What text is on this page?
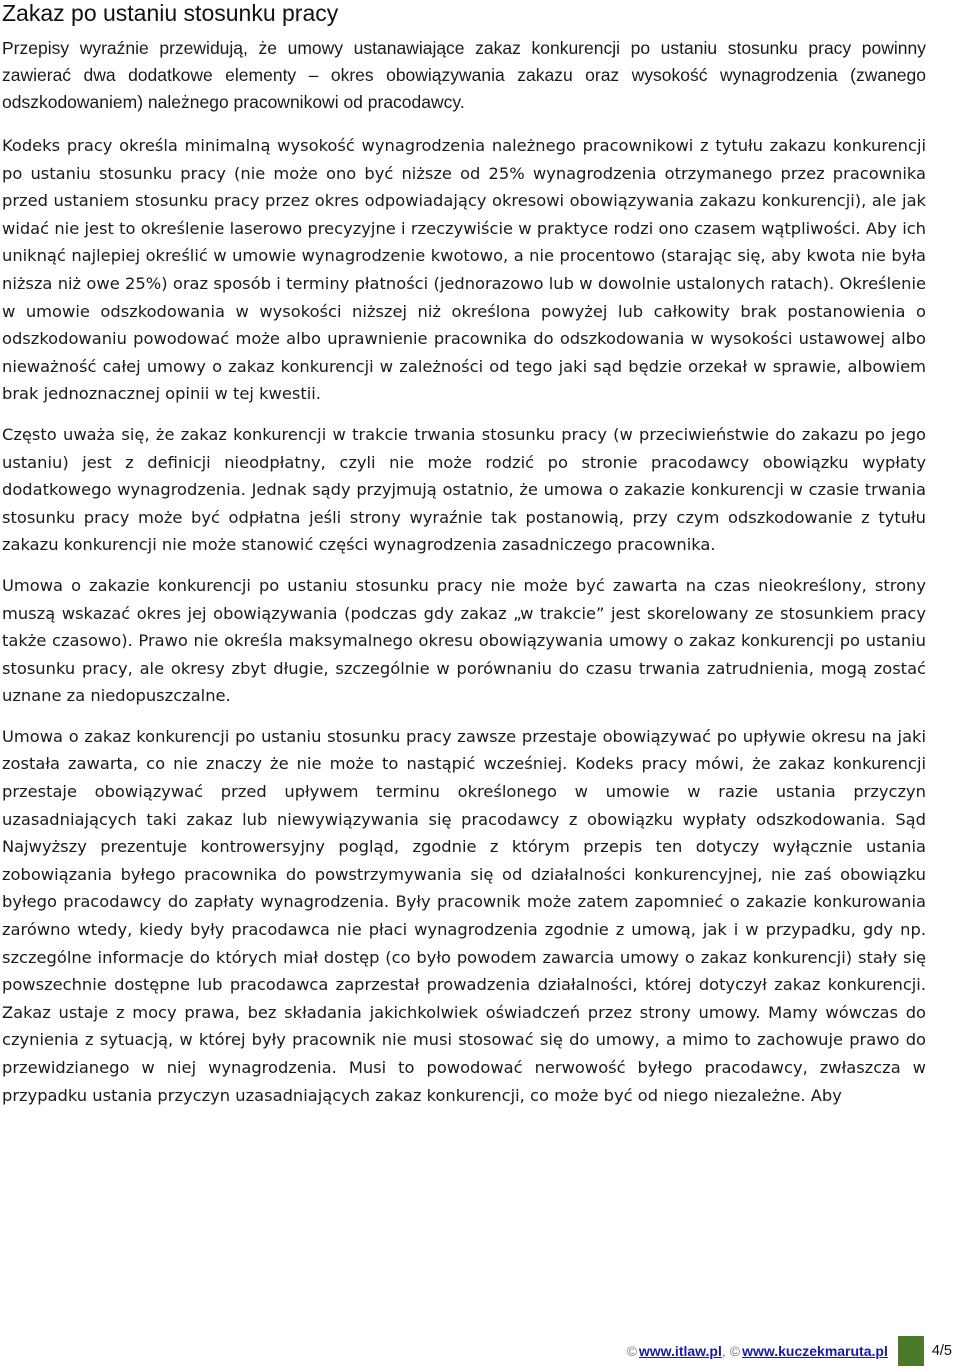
Zakaz po ustaniu stosunku pracy

Przepisy wyraźnie przewidują, że umowy ustanawiające zakaz konkurencji po ustaniu stosunku pracy powinny zawierać dwa dodatkowe elementy – okres obowiązywania zakazu oraz wysokość wynagrodzenia (zwanego odszkodowaniem) należnego pracownikowi od pracodawcy.

Kodeks pracy określa minimalną wysokość wynagrodzenia należnego pracownikowi z tytułu zakazu konkurencji po ustaniu stosunku pracy (nie może ono być niższe od 25% wynagrodzenia otrzymanego przez pracownika przed ustaniem stosunku pracy przez okres odpowiadający okresowi obowiązywania zakazu konkurencji), ale jak widać nie jest to określenie laserowo precyzyjne i rzeczywiście w praktyce rodzi ono czasem wątpliwości. Aby ich uniknąć najlepiej określić w umowie wynagrodzenie kwotowo, a nie procentowo (starając się, aby kwota nie była niższa niż owe 25%) oraz sposób i terminy płatności (jednorazowo lub w dowolnie ustalonych ratach). Określenie w umowie odszkodowania w wysokości niższej niż określona powyżej lub całkowity brak postanowienia o odszkodowaniu powodować może albo uprawnienie pracownika do odszkodowania w wysokości ustawowej albo nieważność całej umowy o zakaz konkurencji w zależności od tego jaki sąd będzie orzekał w sprawie, albowiem brak jednoznacznej opinii w tej kwestii.

Często uważa się, że zakaz konkurencji w trakcie trwania stosunku pracy (w przeciwieństwie do zakazu po jego ustaniu) jest z definicji nieodpłatny, czyli nie może rodzić po stronie pracodawcy obowiązku wypłaty dodatkowego wynagrodzenia. Jednak sądy przyjmują ostatnio, że umowa o zakazie konkurencji w czasie trwania stosunku pracy może być odpłatna jeśli strony wyraźnie tak postanowią, przy czym odszkodowanie z tytułu zakazu konkurencji nie może stanowić części wynagrodzenia zasadniczego pracownika.

Umowa o zakazie konkurencji po ustaniu stosunku pracy nie może być zawarta na czas nieokreślony, strony muszą wskazać okres jej obowiązywania (podczas gdy zakaz „w trakcie” jest skorelowany ze stosunkiem pracy także czasowo). Prawo nie określa maksymalnego okresu obowiązywania umowy o zakaz konkurencji po ustaniu stosunku pracy, ale okresy zbyt długie, szczególnie w porównaniu do czasu trwania zatrudnienia, mogą zostać uznane za niedopuszczalne.

Umowa o zakaz konkurencji po ustaniu stosunku pracy zawsze przestaje obowiązywać po upływie okresu na jaki została zawarta, co nie znaczy że nie może to nastąpić wcześniej. Kodeks pracy mówi, że zakaz konkurencji przestaje obowiązywać przed upływem terminu określonego w umowie w razie ustania przyczyn uzasadniających taki zakaz lub niewywiązywania się pracodawcy z obowiązku wypłaty odszkodowania. Sąd Najwyższy prezentuje kontrowersyjny pogląd, zgodnie z którym przepis ten dotyczy wyłącznie ustania zobowiązania byłego pracownika do powstrzymywania się od działalności konkurencyjnej, nie zaś obowiązku byłego pracodawcy do zapłaty wynagrodzenia. Były pracownik może zatem zapomnieć o zakazie konkurowania zarówno wtedy, kiedy były pracodawca nie płaci wynagrodzenia zgodnie z umową, jak i w przypadku, gdy np. szczególne informacje do których miał dostęp (co było powodem zawarcia umowy o zakaz konkurencji) stały się powszechnie dostępne lub pracodawca zaprzestał prowadzenia działalności, której dotyczył zakaz konkurencji. Zakaz ustaje z mocy prawa, bez składania jakichkolwiek oświadczeń przez strony umowy. Mamy wówczas do czynienia z sytuacją, w której były pracownik nie musi stosować się do umowy, a mimo to zachowuje prawo do przewidzianego w niej wynagrodzenia. Musi to powodować nerwowość byłego pracodawcy, zwłaszcza w przypadku ustania przyczyn uzasadniających zakaz konkurencji, co może być od niego niezależne. Aby

© www.itlaw.pl , © www.kuczekmaruta.pl	4/5
